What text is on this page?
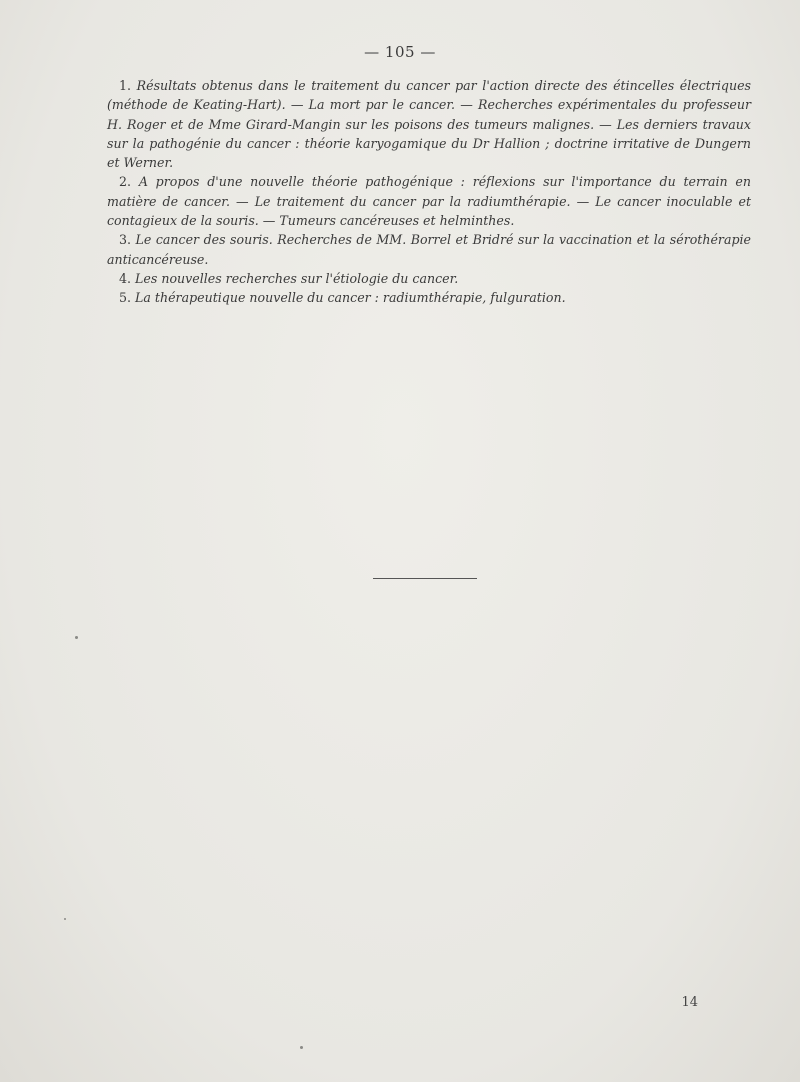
— 105 —

1. Résultats obtenus dans le traitement du cancer par l'action directe des étincelles électriques (méthode de Keating-Hart). — La mort par le cancer. — Recherches expérimentales du professeur H. Roger et de Mme Girard-Mangin sur les poisons des tumeurs malignes. — Les derniers travaux sur la pathogénie du cancer : théorie karyogamique du Dr Hallion ; doctrine irritative de Dungern et Werner.

2. A propos d'une nouvelle théorie pathogénique : réflexions sur l'importance du terrain en matière de cancer. — Le traitement du cancer par la radiumthérapie. — Le cancer inoculable et contagieux de la souris. — Tumeurs cancéreuses et helminthes.

3. Le cancer des souris. Recherches de MM. Borrel et Bridré sur la vaccination et la sérothérapie anticancéreuse.

4. Les nouvelles recherches sur l'étiologie du cancer.

5. La thérapeutique nouvelle du cancer : radiumthérapie, fulguration.

14
